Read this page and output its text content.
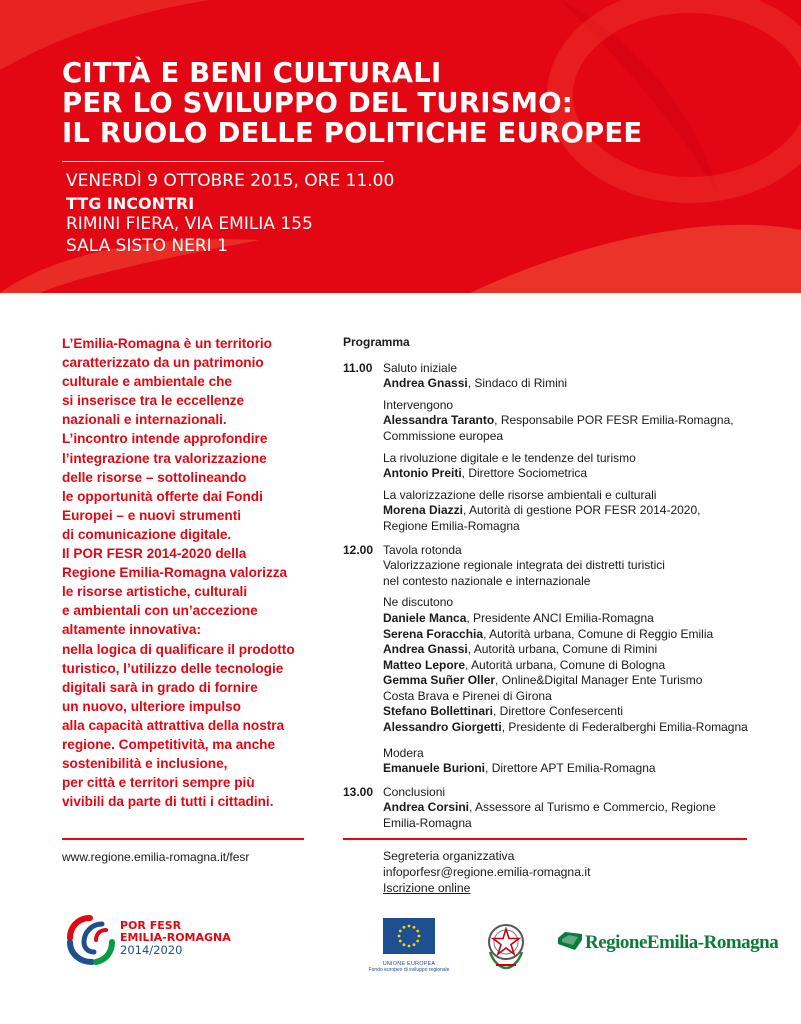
CITTÀ E BENI CULTURALI
PER LO SVILUPPO DEL TURISMO:
IL RUOLO DELLE POLITICHE EUROPEE
VENERDÌ 9 OTTOBRE 2015, ORE 11.00
TTG INCONTRI
RIMINI FIERA, VIA EMILIA 155
SALA SISTO NERI 1
L’Emilia-Romagna è un territorio
caratterizzato da un patrimonio
culturale e ambientale che
si inserisce tra le eccellenze
nazionali e internazionali.
L’incontro intende approfondire
l’integrazione tra valorizzazione
delle risorse – sottolineando
le opportunità offerte dai Fondi
Europei – e nuovi strumenti
di comunicazione digitale.
Il POR FESR 2014-2020 della
Regione Emilia-Romagna valorizza
le risorse artistiche, culturali
e ambientali con un’accezione
altamente innovativa:
nella logica di qualificare il prodotto
turistico, l’utilizzo delle tecnologie
digitali sarà in grado di fornire
un nuovo, ulteriore impulso
alla capacità attrattiva della nostra
regione. Competitività, ma anche
sostenibilità e inclusione,
per città e territori sempre più
vivibili da parte di tutti i cittadini.
www.regione.emilia-romagna.it/fesr
Programma
11.00 Saluto iniziale
Andrea Gnassi, Sindaco di Rimini
Intervengono
Alessandra Taranto, Responsabile POR FESR Emilia-Romagna,
Commissione europea
La rivoluzione digitale e le tendenze del turismo
Antonio Preiti, Direttore Sociometrica
La valorizzazione delle risorse ambientali e culturali
Morena Diazzi, Autorità di gestione POR FESR 2014-2020,
Regione Emilia-Romagna
12.00 Tavola rotonda
Valorizzazione regionale integrata dei distretti turistici
nel contesto nazionale e internazionale
Ne discutono
Daniele Manca, Presidente ANCI Emilia-Romagna
Serena Foracchia, Autorità urbana, Comune di Reggio Emilia
Andrea Gnassi, Autorità urbana, Comune di Rimini
Matteo Lepore, Autorità urbana, Comune di Bologna
Gemma Suñer Oller, Online&Digital Manager Ente Turismo
Costa Brava e Pirenei di Girona
Stefano Bollettinari, Direttore Confesercenti
Alessandro Giorgetti, Presidente di Federalberghi Emilia-Romagna
Modera
Emanuele Burioni, Direttore APT Emilia-Romagna
13.00 Conclusioni
Andrea Corsini, Assessore al Turismo e Commercio, Regione
Emilia-Romagna
Segreteria organizzativa
infoporfesr@regione.emilia-romagna.it
Iscrizione online
POR FESR
EMILIA-ROMAGNA
2014/2020
UNIONE EUROPEA
Fondo europeo di sviluppo regionale
RegioneEmilia-Romagna
